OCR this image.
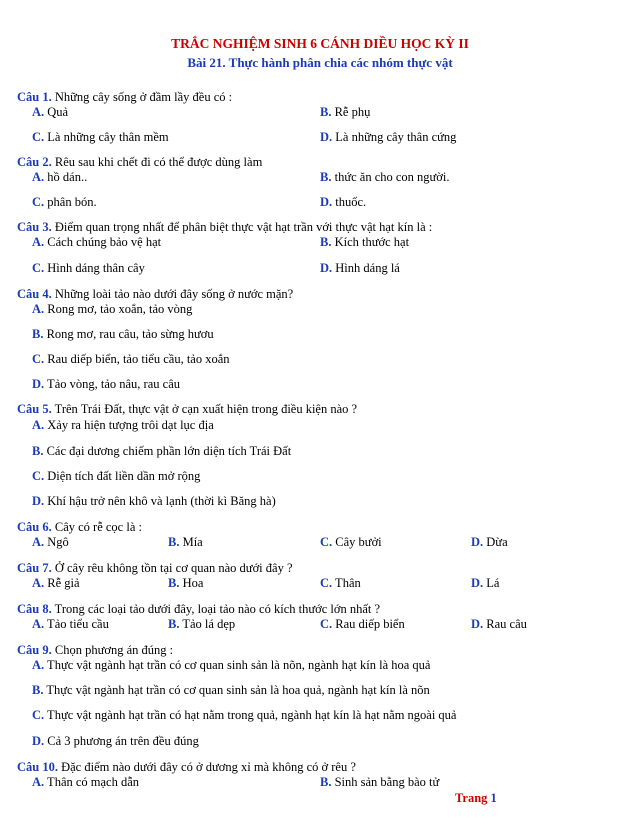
TRẮC NGHIỆM SINH 6 CÁNH DIỀU HỌC KỲ II
Bài 21. Thực hành phân chia các nhóm thực vật
Câu 1. Những cây sống ở đầm lầy đều có :
A. Quả	B. Rễ phụ
C. Là những cây thân mềm	D. Là những cây thân cứng
Câu 2. Rêu sau khi chết đi có thể được dùng làm
A. hồ dán..	B. thức ăn cho con người.
C. phân bón.	D. thuốc.
Câu 3. Điểm quan trọng nhất để phân biệt thực vật hạt trần với thực vật hạt kín là :
A. Cách chúng bảo vệ hạt	B. Kích thước hạt
C. Hình dáng thân cây	D. Hình dáng lá
Câu 4. Những loài tảo nào dưới đây sống ở nước mặn?
A. Rong mơ, tảo xoắn, tảo vòng
B. Rong mơ, rau câu, tảo sừng hươu
C. Rau diếp biển, tảo tiểu cầu, tảo xoắn
D. Tảo vòng, tảo nâu, rau câu
Câu 5. Trên Trái Đất, thực vật ở cạn xuất hiện trong điều kiện nào ?
A. Xảy ra hiện tượng trôi dạt lục địa
B. Các đại dương chiếm phần lớn diện tích Trái Đất
C. Diện tích đất liền dần mở rộng
D. Khí hậu trở nên khô và lạnh (thời kì Băng hà)
Câu 6. Cây có rễ cọc là :
A. Ngô	B. Mía	C. Cây bưởi	D. Dừa
Câu 7. Ở cây rêu không tồn tại cơ quan nào dưới đây ?
A. Rễ giả	B. Hoa	C. Thân	D. Lá
Câu 8. Trong các loại tảo dưới đây, loại tảo nào có kích thước lớn nhất ?
A. Tảo tiểu cầu	B. Tảo lá dẹp	C. Rau diếp biển	D. Rau câu
Câu 9. Chọn phương án đúng :
A. Thực vật ngành hạt trần có cơ quan sinh sản là nõn, ngành hạt kín là hoa quả
B. Thực vật ngành hạt trần có cơ quan sinh sản là hoa quả, ngành hạt kín là nõn
C. Thực vật ngành hạt trần có hạt nằm trong quả, ngành hạt kín là hạt nằm ngoài quả
D. Cả 3 phương án trên đều đúng
Câu 10. Đặc điểm nào dưới đây có ở dương xỉ mà không có ở rêu ?
A. Thân có mạch dẫn	B. Sinh sản bằng bào tử
Trang 1
